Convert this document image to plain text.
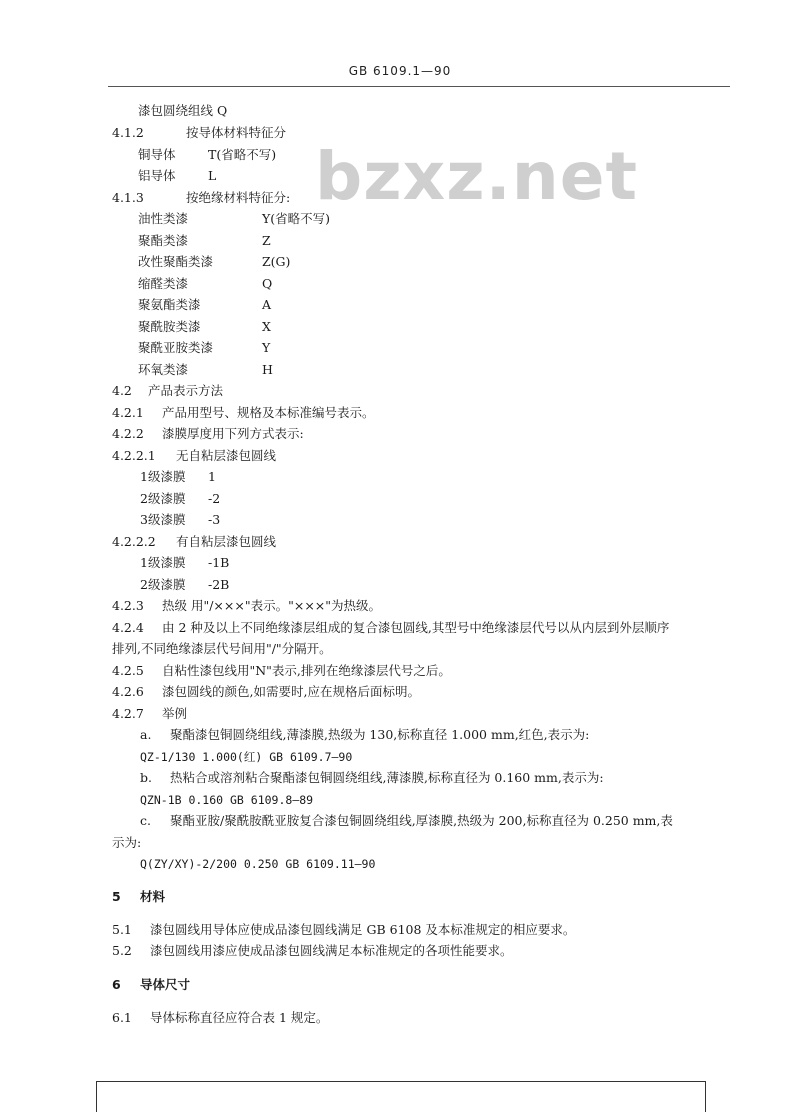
GB 6109.1—90
bzxz.net
漆包圆绕组线 Q
4.1.2	按导体材料特征分
铜导体	T(省略不写)
铝导体	L
4.1.3	按绝缘材料特征分:
油性类漆	Y(省略不写)
聚酯类漆	Z
改性聚酯类漆	Z(G)
缩醛类漆	Q
聚氨酯类漆	A
聚酰胺类漆	X
聚酰亚胺类漆	Y
环氧类漆	H
4.2 产品表示方法
4.2.1 产品用型号、规格及本标准编号表示。
4.2.2 漆膜厚度用下列方式表示:
4.2.2.1 无自粘层漆包圆线
1级漆膜 1
2级漆膜 -2
3级漆膜 -3
4.2.2.2 有自粘层漆包圆线
1级漆膜 -1B
2级漆膜 -2B
4.2.3 热级 用"/×××"表示。"×××"为热级。
4.2.4 由 2 种及以上不同绝缘漆层组成的复合漆包圆线,其型号中绝缘漆层代号以从内层到外层顺序
排列,不同绝缘漆层代号间用"/"分隔开。
4.2.5 自粘性漆包线用"N"表示,排列在绝缘漆层代号之后。
4.2.6 漆包圆线的颜色,如需要时,应在规格后面标明。
4.2.7 举例
a. 聚酯漆包铜圆绕组线,薄漆膜,热级为 130,标称直径 1.000 mm,红色,表示为:
QZ-1/130 1.000(红) GB 6109.7—90
b. 热粘合或溶剂粘合聚酯漆包铜圆绕组线,薄漆膜,标称直径为 0.160 mm,表示为:
QZN-1B 0.160 GB 6109.8—89
c. 聚酯亚胺/聚酰胺酰亚胺复合漆包铜圆绕组线,厚漆膜,热级为 200,标称直径为 0.250 mm,表
示为:
Q(ZY/XY)-2/200 0.250 GB 6109.11—90
5 材料
5.1 漆包圆线用导体应使成品漆包圆线满足 GB 6108 及本标准规定的相应要求。
5.2 漆包圆线用漆应使成品漆包圆线满足本标准规定的各项性能要求。
6 导体尺寸
6.1 导体标称直径应符合表 1 规定。
